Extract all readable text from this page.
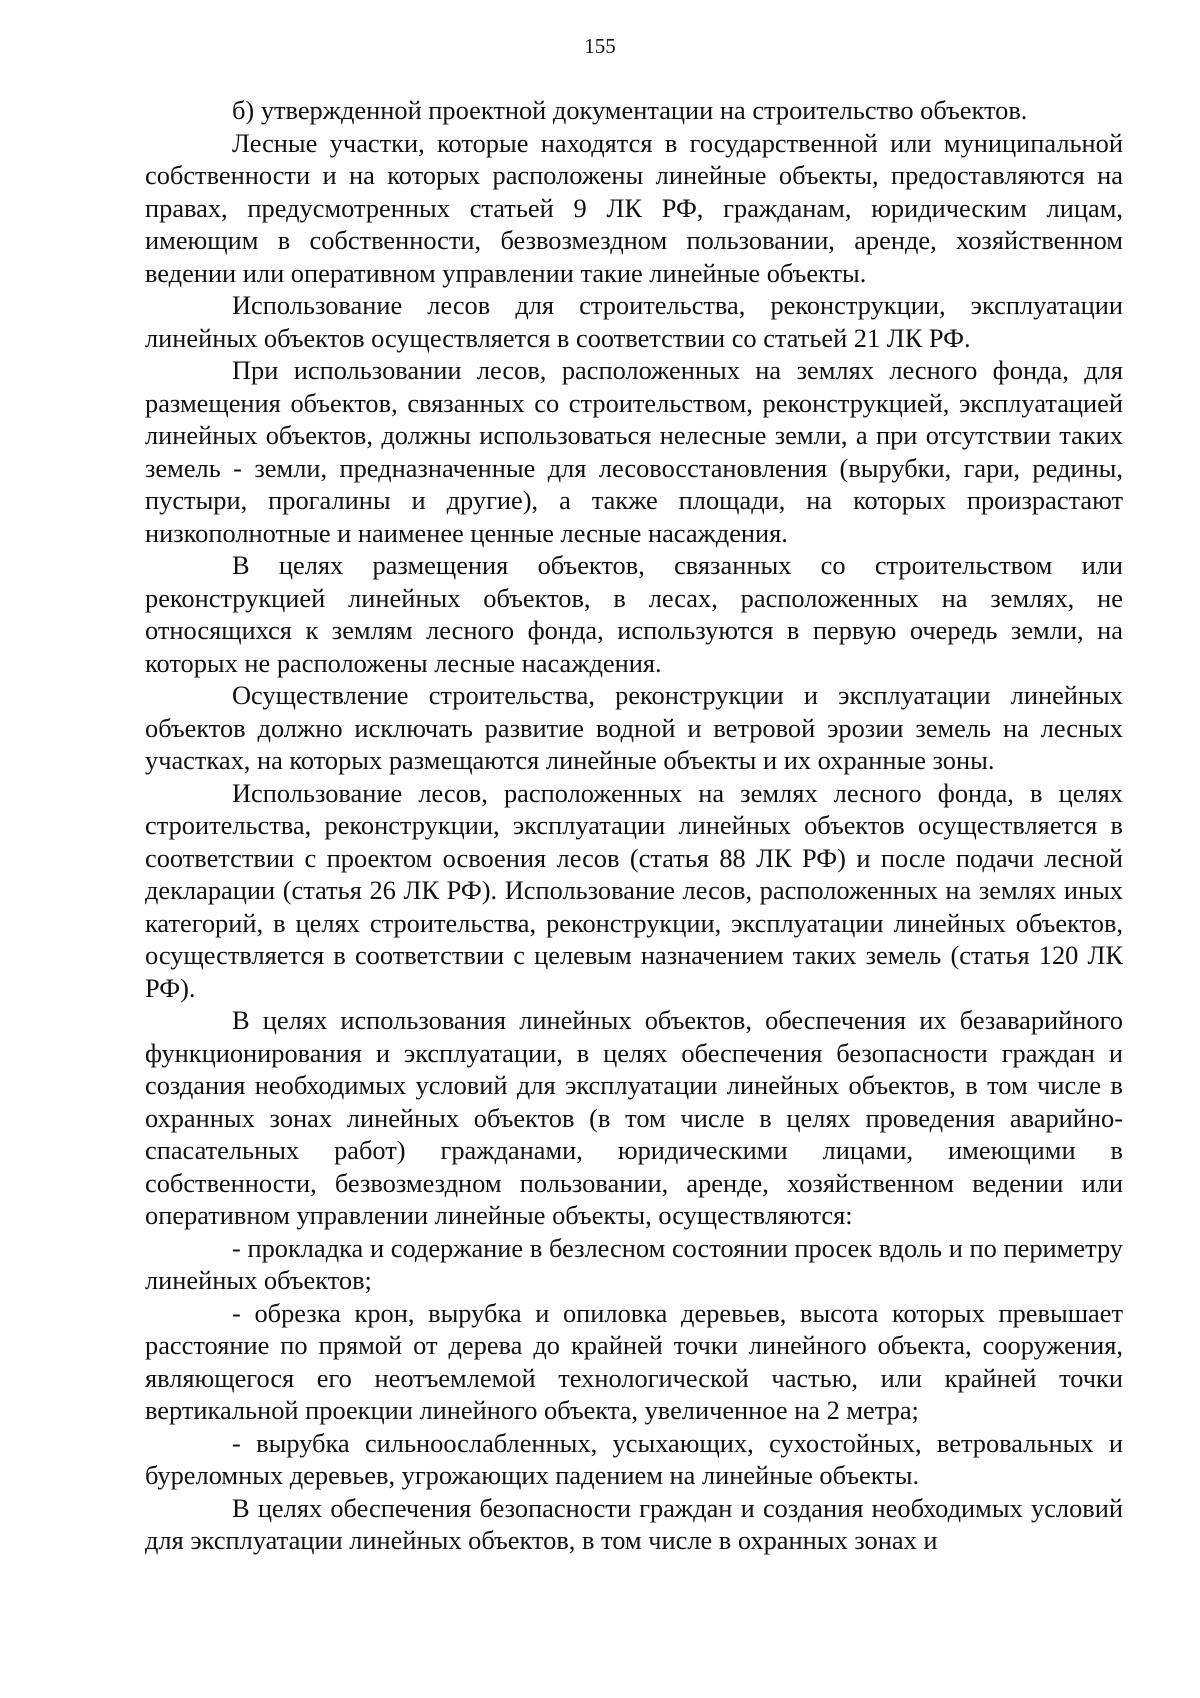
155

б) утвержденной проектной документации на строительство объектов.

Лесные участки, которые находятся в государственной или муниципальной собственности и на которых расположены линейные объекты, предоставляются на правах, предусмотренных статьей 9 ЛК РФ, гражданам, юридическим лицам, имеющим в собственности, безвозмездном пользовании, аренде, хозяйственном ведении или оперативном управлении такие линейные объекты.

Использование лесов для строительства, реконструкции, эксплуатации линейных объектов осуществляется в соответствии со статьей 21 ЛК РФ.

При использовании лесов, расположенных на землях лесного фонда, для размещения объектов, связанных со строительством, реконструкцией, эксплуатацией линейных объектов, должны использоваться нелесные земли, а при отсутствии таких земель - земли, предназначенные для лесовосстановления (вырубки, гари, редины, пустыри, прогалины и другие), а также площади, на которых произрастают низкополнотные и наименее ценные лесные насаждения.

В целях размещения объектов, связанных со строительством или реконструкцией линейных объектов, в лесах, расположенных на землях, не относящихся к землям лесного фонда, используются в первую очередь земли, на которых не расположены лесные насаждения.

Осуществление строительства, реконструкции и эксплуатации линейных объектов должно исключать развитие водной и ветровой эрозии земель на лесных участках, на которых размещаются линейные объекты и их охранные зоны.

Использование лесов, расположенных на землях лесного фонда, в целях строительства, реконструкции, эксплуатации линейных объектов осуществляется в соответствии с проектом освоения лесов (статья 88 ЛК РФ) и после подачи лесной декларации (статья 26 ЛК РФ). Использование лесов, расположенных на землях иных категорий, в целях строительства, реконструкции, эксплуатации линейных объектов, осуществляется в соответствии с целевым назначением таких земель (статья 120 ЛК РФ).

В целях использования линейных объектов, обеспечения их безаварийного функционирования и эксплуатации, в целях обеспечения безопасности граждан и создания необходимых условий для эксплуатации линейных объектов, в том числе в охранных зонах линейных объектов (в том числе в целях проведения аварийно-спасательных работ) гражданами, юридическими лицами, имеющими в собственности, безвозмездном пользовании, аренде, хозяйственном ведении или оперативном управлении линейные объекты, осуществляются:

- прокладка и содержание в безлесном состоянии просек вдоль и по периметру линейных объектов;

- обрезка крон, вырубка и опиловка деревьев, высота которых превышает расстояние по прямой от дерева до крайней точки линейного объекта, сооружения, являющегося его неотъемлемой технологической частью, или крайней точки вертикальной проекции линейного объекта, увеличенное на 2 метра;

- вырубка сильноослабленных, усыхающих, сухостойных, ветровальных и буреломных деревьев, угрожающих падением на линейные объекты.

В целях обеспечения безопасности граждан и создания необходимых условий для эксплуатации линейных объектов, в том числе в охранных зонах и
